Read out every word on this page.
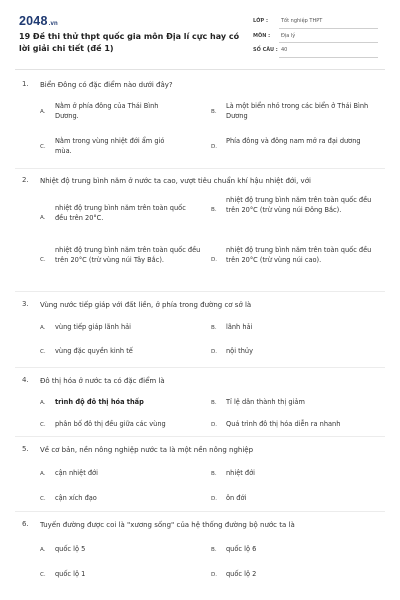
2048.vn
19 Đề thi thử thpt quốc gia môn Địa lí cực hay có lời giải chi tiết (đề 1)
LỚP :	Tốt nghiệp THPT
MÔN : Địa lý
SỐ CÂU : 40
1. Biển Đông có đặc điểm nào dưới đây?
A.
Nằm ở phía đông của Thái Bình Dương.	B.
Là một biển nhỏ trong các biển ở Thái Bình Dương
C.
Nằm trong vùng nhiệt đới ẩm gió mùa.	D.
Phía đông và đông nam mở ra đại dương
2. Nhiệt độ trung bình năm ở nước ta cao, vượt tiêu chuẩn khí hậu nhiệt đới, với
A.
nhiệt độ trung bình năm trên toàn quốc đều trên 20°C.
B.
nhiệt độ trung bình năm trên toàn quốc đều trên 20°C (trừ vùng núi Đông Bắc).
C.
nhiệt độ trung bình năm trên toàn quốc đều trên 20°C (trừ vùng núi Tây Bắc).	D.
nhiệt độ trung bình năm trên toàn quốc đều trên 20°C (trừ vùng núi cao).
3. Vùng nước tiếp giáp với đất liền, ở phía trong đường cơ sở là
A. vùng tiếp giáp lãnh hải	B. lãnh hải
C. vùng đặc quyền kinh tế	D. nội thủy
4. Đô thị hóa ở nước ta có đặc điểm là
A. trình độ đô thị hóa thấp	B. Tỉ lệ dân thành thị giảm
C. phân bố đô thị đều giữa các vùng	D. Quá trình đô thị hóa diễn ra nhanh
5. Về cơ bản, nền nông nghiệp nước ta là một nền nông nghiệp
A. cận nhiệt đới	B. nhiệt đới
C. cận xích đạo	D. ôn đới
6. Tuyến đường được coi là "xương sống" của hệ thống đường bộ nước ta là
A. quốc lộ 5	B. quốc lộ 6
C. quốc lộ 1	D. quốc lộ 2
